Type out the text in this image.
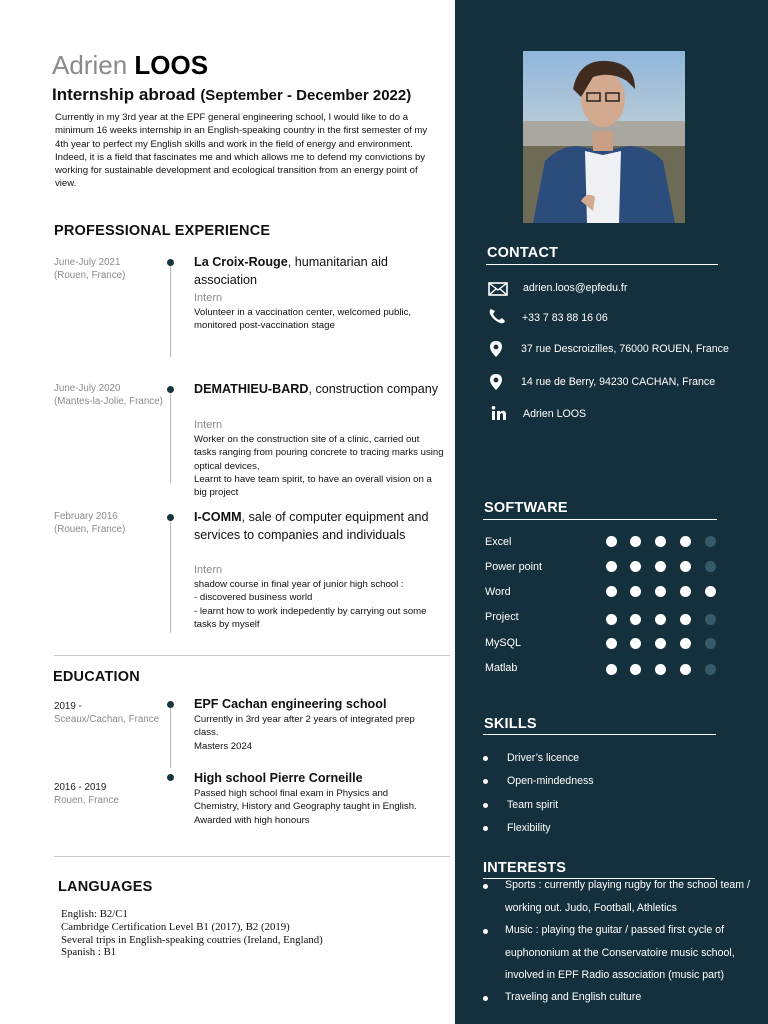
Adrien LOOS
Internship abroad (September - December 2022)
Currently in my 3rd year at the EPF general engineering school, I would like to do a minimum 16 weeks internship in an English-speaking country in the first semester of my 4th year to perfect my English skills and work in the field of energy and environment. Indeed, it is a field that fascinates me and which allows me to defend my convictions by working for sustainable development and ecological transition from an energy point of view.
PROFESSIONAL EXPERIENCE
June-July 2021
(Rouen, France)
La Croix-Rouge, humanitarian aid association
Intern
Volunteer in a vaccination center, welcomed public, monitored post-vaccination stage
June-July 2020
(Mantes-la-Jolie, France)
DEMATHIEU-BARD, construction company
Intern
Worker on the construction site of a clinic, carried out tasks ranging from pouring concrete to tracing marks using optical devices,
Learnt to have team spirit, to have an overall vision on a big project
February 2016
(Rouen, France)
I-COMM, sale of computer equipment and services to companies and individuals
Intern
shadow course in final year of junior high school :
- discovered business world
- learnt how to work indepedently by carrying out some tasks by myself
EDUCATION
2019 -
Sceaux/Cachan, France
EPF Cachan engineering school
Currently in 3rd year after 2 years of integrated prep class.
Masters 2024
2016 - 2019
Rouen, France
High school Pierre Corneille
Passed high school final exam in Physics and Chemistry, History and Geography taught in English.
Awarded with high honours
LANGUAGES
English: B2/C1
Cambridge Certification Level B1 (2017), B2 (2019)
Several trips in English-speaking coutries (Ireland, England)
Spanish : B1
CONTACT
adrien.loos@epfedu.fr
+33 7 83 88 16 06
37 rue Descroizilles, 76000 ROUEN, France
14 rue de Berry, 94230 CACHAN, France
Adrien LOOS
SOFTWARE
Excel
Power point
Word
Project
MySQL
Matlab
SKILLS
Driver’s licence
Open-mindedness
Team spirit
Flexibility
INTERESTS
Sports : currently playing rugby for the school team / working out. Judo, Football, Athletics
Music : playing the guitar / passed first cycle of euphononium at the Conservatoire music school, involved in EPF Radio association (music part)
Traveling and English culture
